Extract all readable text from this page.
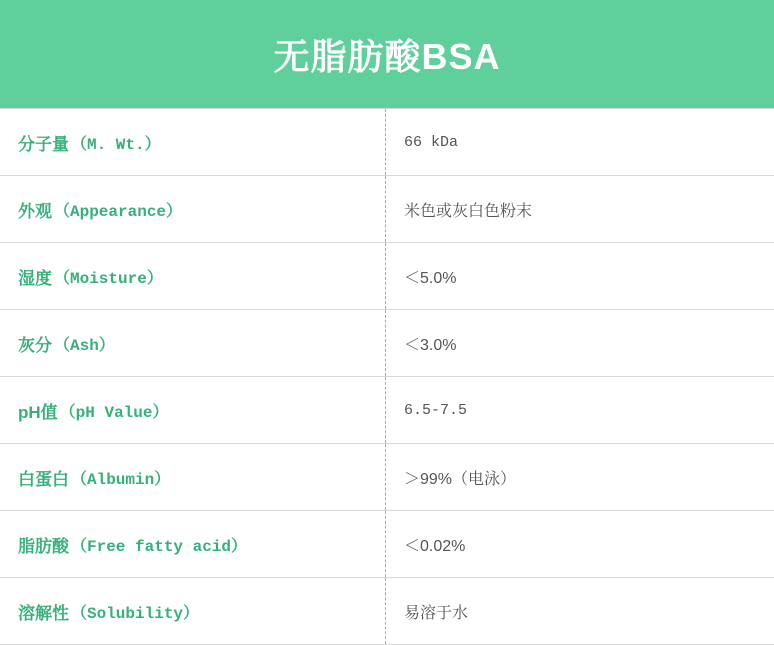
无脂肪酸BSA
分子量 （M. Wt.）	66 kDa
外观 （Appearance）	米色或灰白色粉末
湿度 （Moisture）	＜5.0%
灰分 （Ash）	＜3.0%
pH值 （pH Value）	6.5-7.5
白蛋白 （Albumin）	＞99%（电泳）
脂肪酸 （Free fatty acid）	＜0.02%
溶解性 （Solubility）	易溶于水
